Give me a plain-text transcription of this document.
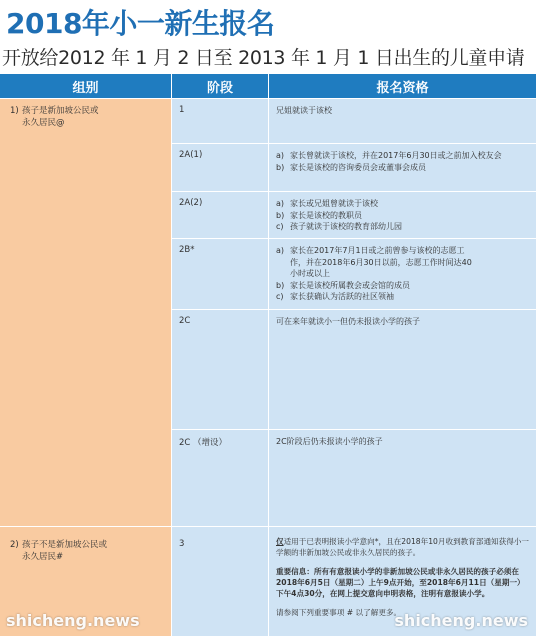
2018年小一新生报名
开放给2012 年 1 月 2 日至 2013 年 1 月 1 日出生的儿童申请
组别	阶段	报名资格
1) 孩子是新加坡公民或
永久居民@
2) 孩子不是新加坡公民或
永久居民#
1	兄姐就读于该校
2A(1)	a) 家长曾就读于该校，并在2017年6月30日或之前加入校友会
b) 家长是该校的咨询委员会或董事会成员
2A(2)	a) 家长或兄姐曾就读于该校
b) 家长是该校的教职员
c) 孩子就读于该校的教育部幼儿园
2B*	a) 家长在2017年7月1日或之前曾参与该校的志愿工作，并在2018年6月30日以前，志愿工作时间达40小时或以上
b) 家长是该校所属教会或会馆的成员
c) 家长获确认为活跃的社区领袖
2C	可在来年就读小一但仍未报读小学的孩子
2C （增设）	2C阶段后仍未报读小学的孩子
3	仅适用于已表明报读小学意向*，且在2018年10月收到教育部通知获得小一学额的非新加坡公民或非永久居民的孩子。
重要信息：所有有意报读小学的非新加坡公民或非永久居民的孩子必须在2018年6月5日（星期二）上午9点开始，至2018年6月11日（星期一）下午4点30分，在网上提交意向申明表格，注明有意报读小学。
请参阅下列重要事项 # 以了解更多。
shicheng.news	shicheng.news
